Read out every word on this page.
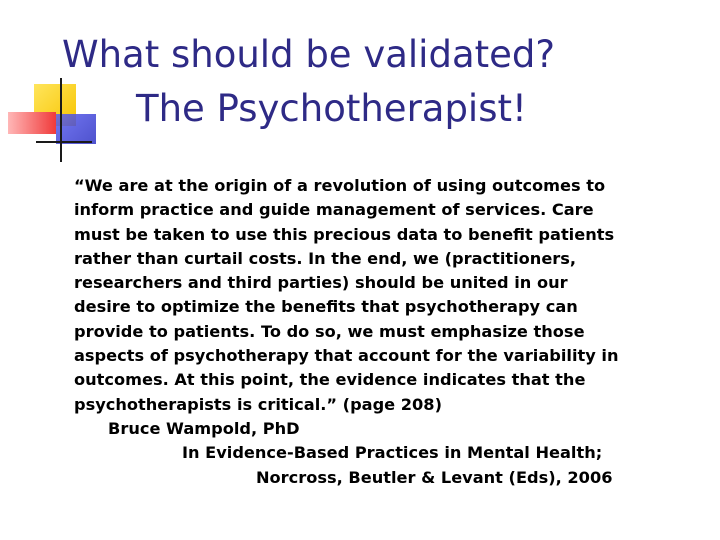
What should be validated?
The Psychotherapist!
“We are at the origin of a revolution of using outcomes to
inform practice and guide management of services. Care
must be taken to use this precious data to benefit patients
rather than curtail costs. In the end, we (practitioners,
researchers and third parties) should be united in our
desire to optimize the benefits that psychotherapy can
provide to patients. To do so, we must emphasize those
aspects of psychotherapy that account for the variability in
outcomes. At this point, the evidence indicates that the
psychotherapists is critical.” (page 208)
Bruce Wampold, PhD
In Evidence-Based Practices in Mental Health;
Norcross, Beutler & Levant (Eds), 2006
